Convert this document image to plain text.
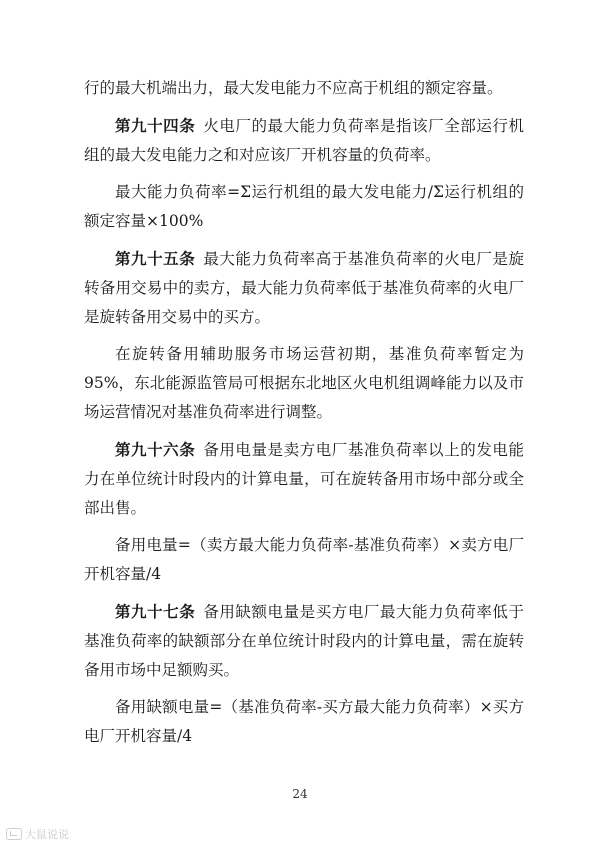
行的最大机端出力，最大发电能力不应高于机组的额定容量。

第九十四条 火电厂的最大能力负荷率是指该厂全部运行机组的最大发电能力之和对应该厂开机容量的负荷率。

最大能力负荷率=Σ运行机组的最大发电能力/Σ运行机组的额定容量×100%

第九十五条 最大能力负荷率高于基准负荷率的火电厂是旋转备用交易中的卖方，最大能力负荷率低于基准负荷率的火电厂是旋转备用交易中的买方。

在旋转备用辅助服务市场运营初期，基准负荷率暂定为95%，东北能源监管局可根据东北地区火电机组调峰能力以及市场运营情况对基准负荷率进行调整。

第九十六条 备用电量是卖方电厂基准负荷率以上的发电能力在单位统计时段内的计算电量，可在旋转备用市场中部分或全部出售。

备用电量=（卖方最大能力负荷率-基准负荷率）×卖方电厂开机容量/4

第九十七条 备用缺额电量是买方电厂最大能力负荷率低于基准负荷率的缺额部分在单位统计时段内的计算电量，需在旋转备用市场中足额购买。

备用缺额电量=（基准负荷率-买方最大能力负荷率）×买方电厂开机容量/4

24
大鼠说说
